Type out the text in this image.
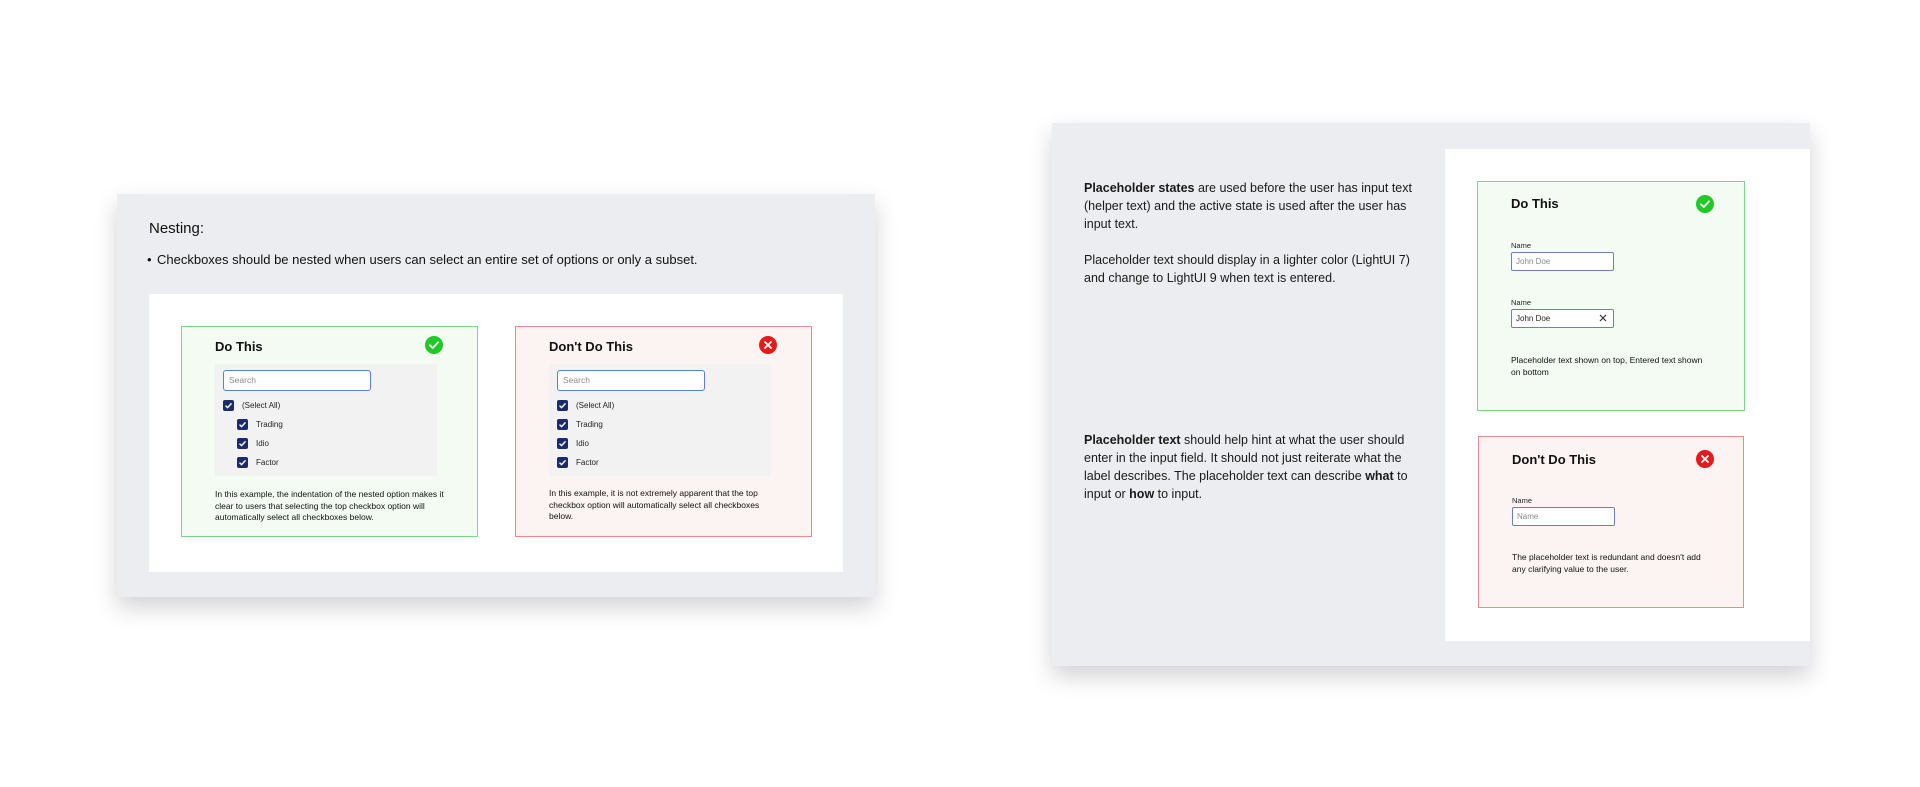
Nesting:
• Checkboxes should be nested when users can select an entire set of options or only a subset.
Do This
Search
(Select All)
Trading
Idio
Factor
In this example, the indentation of the nested option makes it clear to users that selecting the top checkbox option will automatically select all checkboxes below.
Don't Do This
Search
(Select All)
Trading
Idio
Factor
In this example, it is not extremely apparent that the top checkbox option will automatically select all checkboxes below.
Placeholder states are used before the user has input text (helper text) and the active state is used after the user has input text.
Placeholder text should display in a lighter color (LightUI 7) and change to LightUI 9 when text is entered.
Placeholder text should help hint at what the user should enter in the input field. It should not just reiterate what the label describes. The placeholder text can describe what to input or how to input.
Do This
Name
John Doe
Name
John Doe
Placeholder text shown on top, Entered text shown on bottom
Don't Do This
Name
Name
The placeholder text is redundant and doesn't add any clarifying value to the user.
